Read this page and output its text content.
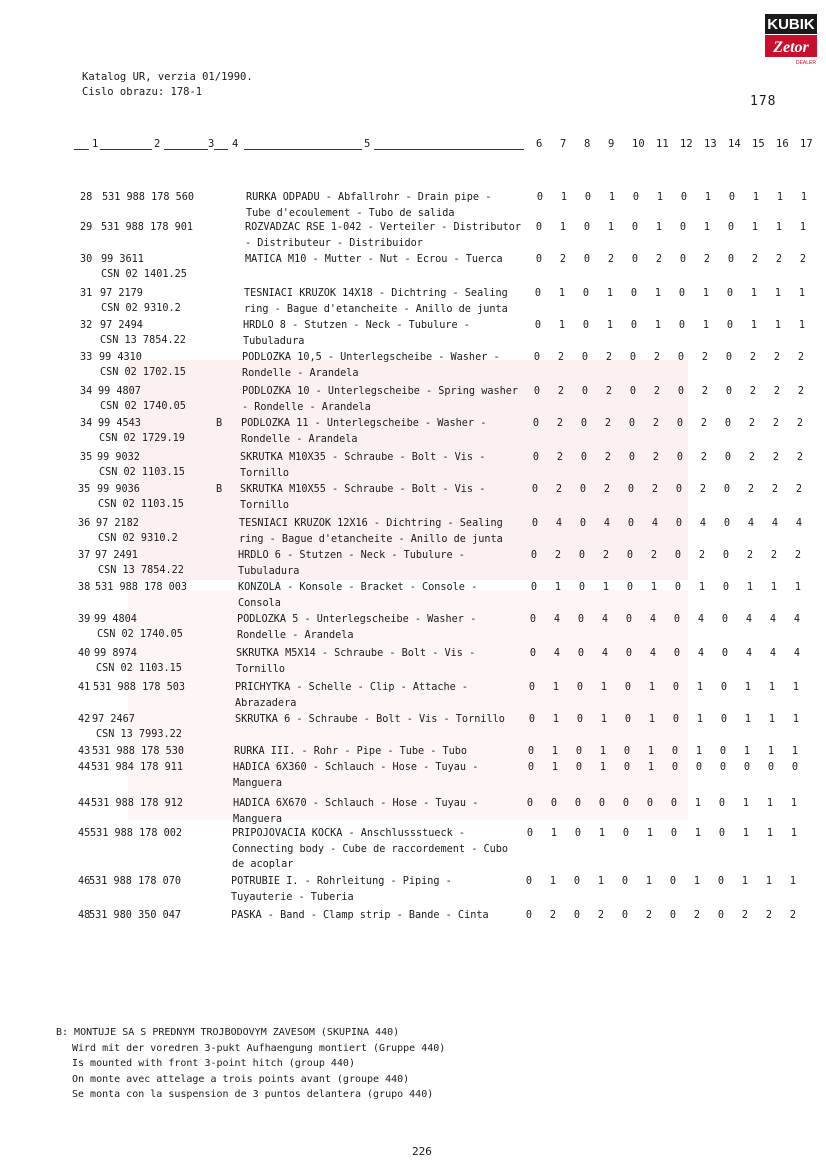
KUBIK
Zetor
DEALER
Katalog UR, verzia 01/1990.
Cislo obrazu: 178-1
178
1	2	3 4	5	6 7 8 9 10 11 12 13 14 15 16 17
28 531 988 178 560	RURKA ODPADU - Abfallrohr - Drain pipe -
Tube d'ecoulement - Tubo de salida
0	1	0	1	0	1	0	1	0	1	1	1
29 531 988 178 901	ROZVADZAC RSE 1-042 - Verteiler - Distributor
- Distributeur - Distribuidor
0	1	0	1	0	1	0	1	0	1	1	1
30 99 3611
CSN 02 1401.25
MATICA M10 - Mutter - Nut - Ecrou - Tuerca	0	2	0	2	0	2	0	2	0	2	2	2
31 97 2179
CSN 02 9310.2
TESNIACI KRUZOK 14X18 - Dichtring - Sealing
ring - Bague d'etancheite - Anillo de junta
0	1	0	1	0	1	0	1	0	1	1	1
32 97 2494
CSN 13 7854.22
HRDLO 8 - Stutzen - Neck - Tubulure -
Tubuladura
0	1	0	1	0	1	0	1	0	1	1	1
33 99 4310
CSN 02 1702.15
PODLOZKA 10,5 - Unterlegscheibe - Washer -
Rondelle - Arandela
0	2	0	2	0	2	0	2	0	2	2	2
34 99 4807
CSN 02 1740.05
PODLOZKA 10 - Unterlegscheibe - Spring washer
- Rondelle - Arandela
0	2	0	2	0	2	0	2	0	2	2	2
34 99 4543
CSN 02 1729.19
B PODLOZKA 11 - Unterlegscheibe - Washer -
Rondelle - Arandela
0	2	0	2	0	2	0	2	0	2	2	2
35 99 9032
CSN 02 1103.15
SKRUTKA M10X35 - Schraube - Bolt - Vis -
Tornillo
0	2	0	2	0	2	0	2	0	2	2	2
35 99 9036
CSN 02 1103.15
B SKRUTKA M10X55 - Schraube - Bolt - Vis -
Tornillo
0	2	0	2	0	2	0	2	0	2	2	2
36 97 2182
CSN 02 9310.2
TESNIACI KRUZOK 12X16 - Dichtring - Sealing
ring - Bague d'etancheite - Anillo de junta
0	4	0	4	0	4	0	4	0	4	4	4
37 97 2491
CSN 13 7854.22
HRDLO 6 - Stutzen - Neck - Tubulure -
Tubuladura
0	2	0	2	0	2	0	2	0	2	2	2
38 531 988 178 003	KONZOLA - Konsole - Bracket - Console -
Consola
0	1	0	1	0	1	0	1	0	1	1	1
39 99 4804
CSN 02 1740.05
PODLOZKA 5 - Unterlegscheibe - Washer -
Rondelle - Arandela
0	4	0	4	0	4	0	4	0	4	4	4
40 99 8974
CSN 02 1103.15
SKRUTKA M5X14 - Schraube - Bolt - Vis -
Tornillo
0	4	0	4	0	4	0	4	0	4	4	4
41 531 988 178 503	PRICHYTKA - Schelle - Clip - Attache -
Abrazadera
0	1	0	1	0	1	0	1	0	1	1	1
42 97 2467
CSN 13 7993.22
SKRUTKA 6 - Schraube - Bolt - Vis - Tornillo	0	1	0	1	0	1	0	1	0	1	1	1
43 531 988 178 530	RURKA III. - Rohr - Pipe - Tube - Tubo	0	1	0	1	0	1	0	1	0	1	1	1
44 531 984 178 911	HADICA 6X360 - Schlauch - Hose - Tuyau -
Manguera
0	1	0	1	0	1	0	0	0	0	0	0
44 531 988 178 912	HADICA 6X670 - Schlauch - Hose - Tuyau -
Manguera
0	0	0	0	0	0	0	1	0	1	1	1
45 531 988 178 002	PRIPOJOVACIA KOCKA - Anschlussstueck -
Connecting body - Cube de raccordement - Cubo
de acoplar
0	1	0	1	0	1	0	1	0	1	1	1
46
531 988 178 070	POTRUBIE I. - Rohrleitung - Piping -
Tuyauterie - Tuberia
0	1	0	1	0	1	0	1	0	1	1	1
48
531 980 350 047	PASKA - Band - Clamp strip - Bande - Cinta	0	2	0	2	0	2	0	2	0	2	2	2
B: MONTUJE SA S PREDNYM TROJBODOVYM ZAVESOM (SKUPINA 440)
Wird mit der voredren 3-pukt Aufhaengung montiert (Gruppe 440)
Is mounted with front 3-point hitch (group 440)
On monte avec attelage a trois points avant (groupe 440)
Se monta con la suspension de 3 puntos delantera (grupo 440)
226
